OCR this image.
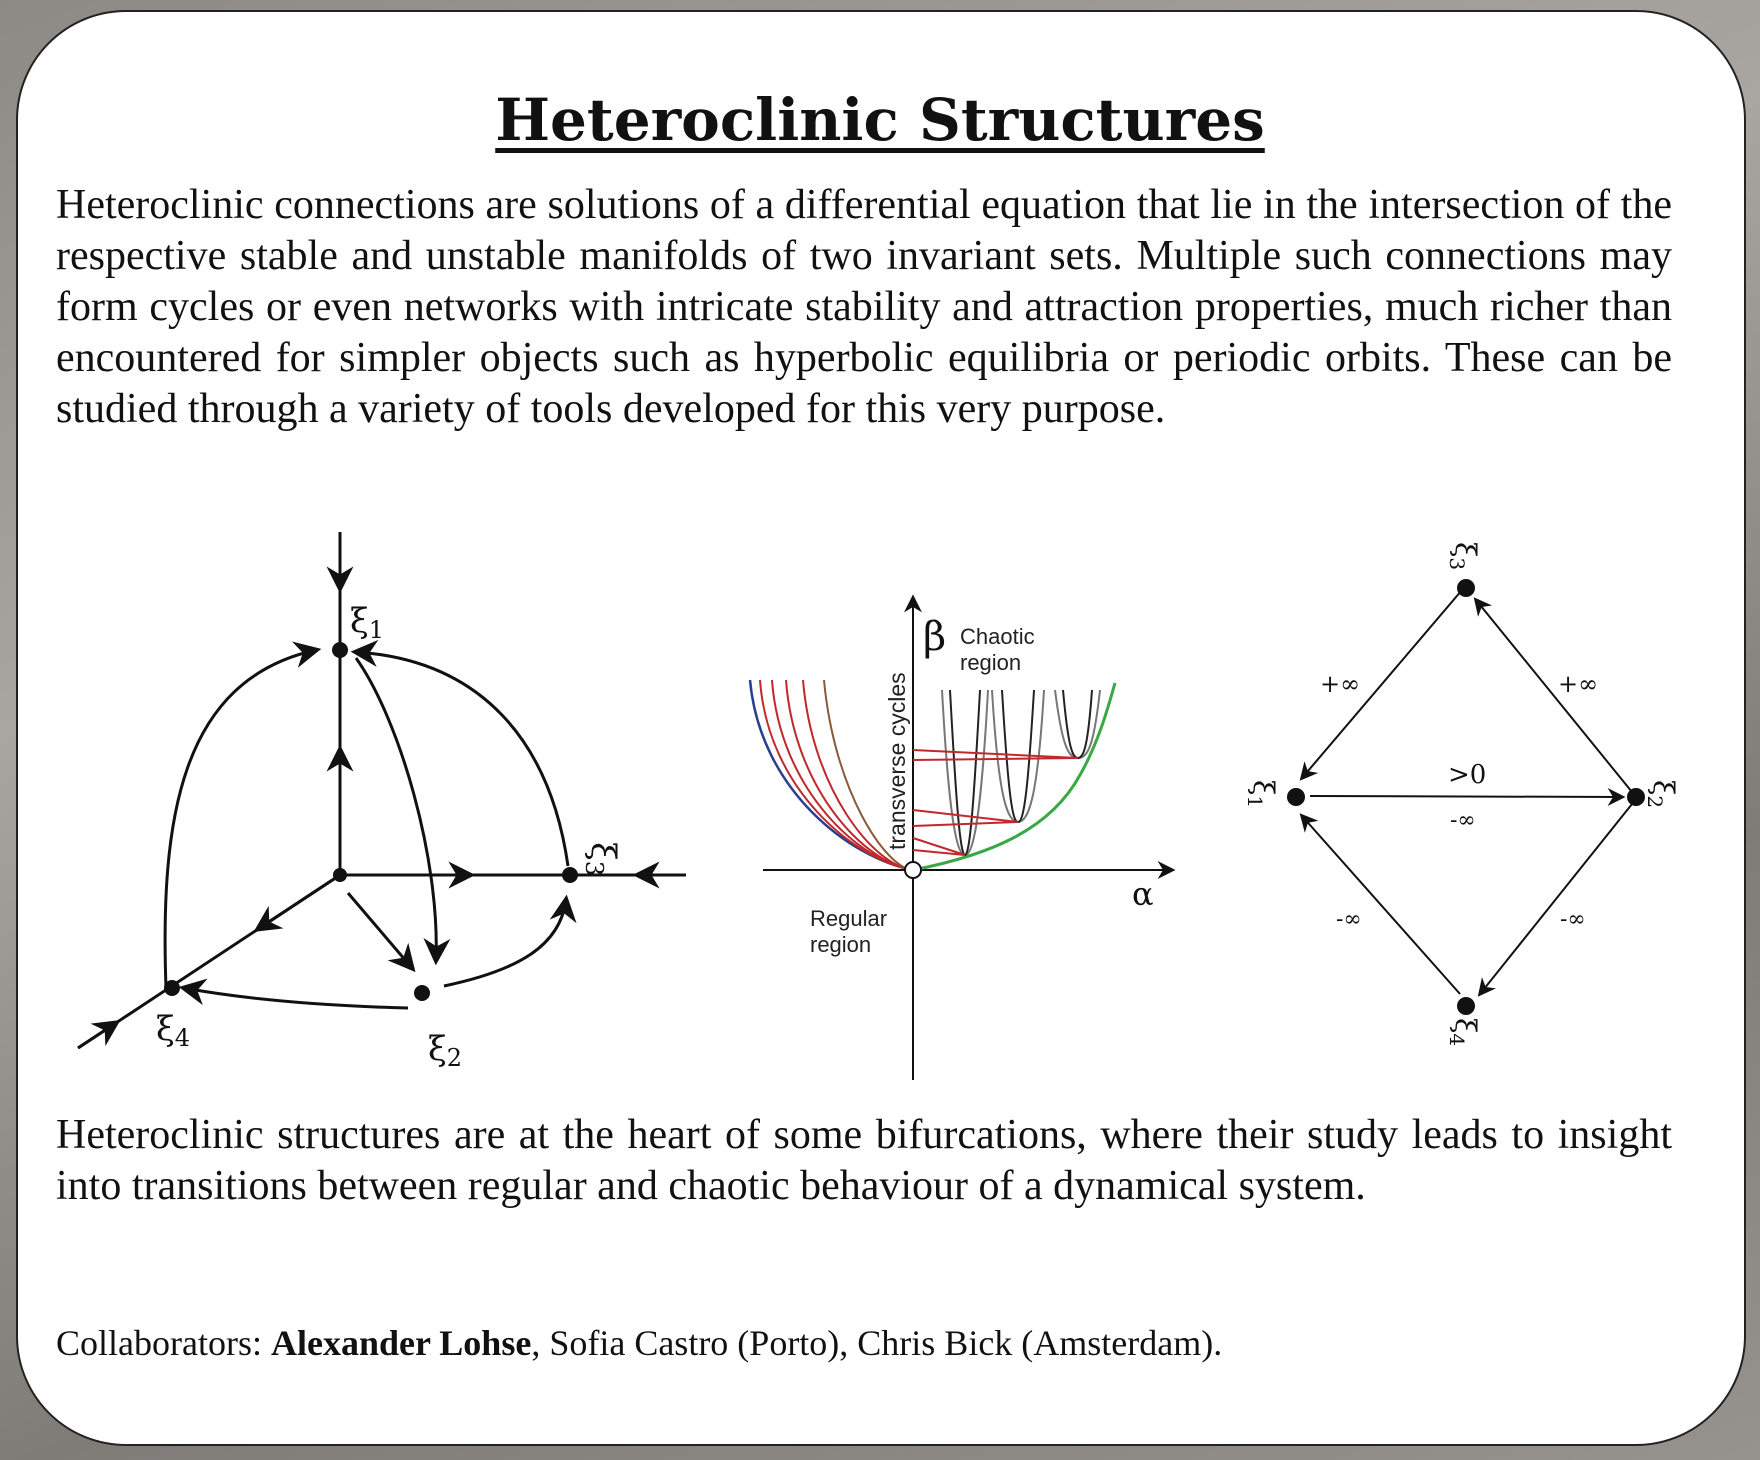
Heteroclinic Structures

Heteroclinic connections are solutions of a differential equation that lie in the intersection of the respective stable and unstable manifolds of two invariant sets. Multiple such connections may form cycles or even networks with intricate stability and attraction properties, much richer than encountered for simpler objects such as hyperbolic equilibria or periodic orbits. These can be studied through a variety of tools developed for this very purpose.

ξ1
ξ2
ξ3
ξ4
β
α
Chaotic
region
Regular
region
transverse cycles
$\xi_3$
$\xi_1$
$\xi_2$
$\xi_4$
+∞	+∞
>0
-∞
-∞	-∞

Heteroclinic structures are at the heart of some bifurcations, where their study leads to insight into transitions between regular and chaotic behaviour of a dynamical system.

Collaborators: Alexander Lohse, Sofia Castro (Porto), Chris Bick (Amsterdam).
